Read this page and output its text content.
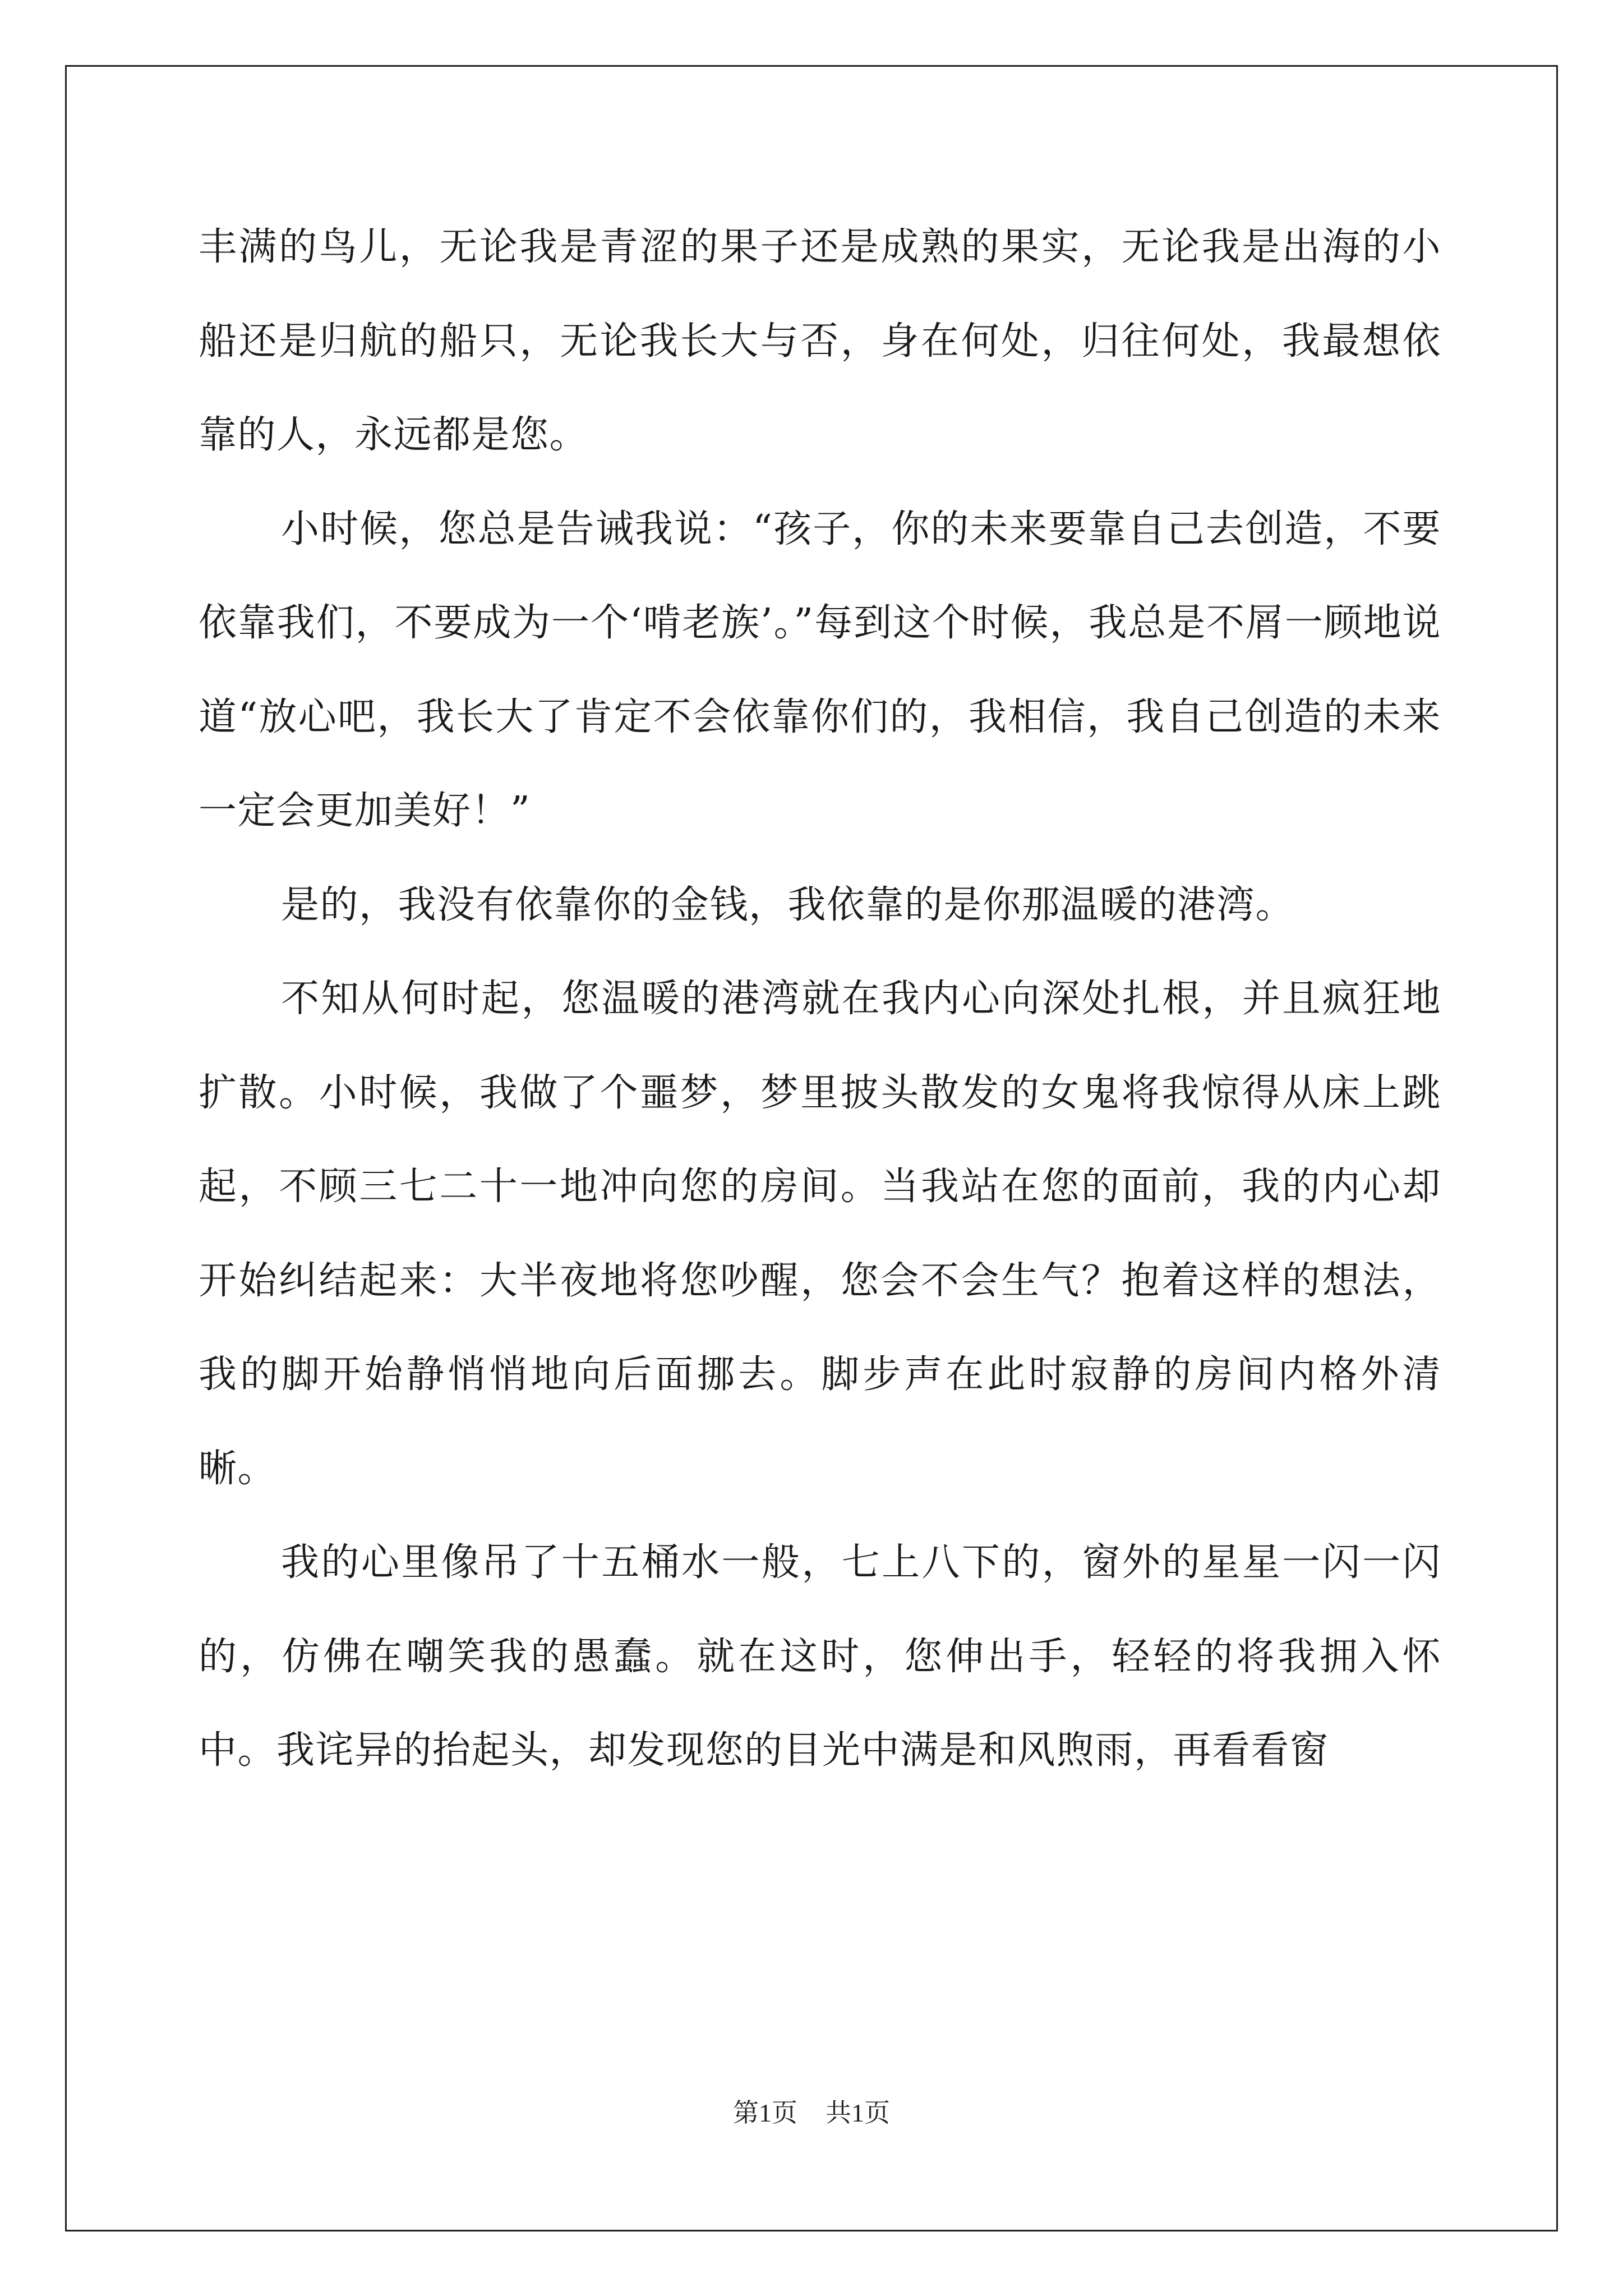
丰满的鸟儿，无论我是青涩的果子还是成熟的果实，无论我是出海的小船还是归航的船只，无论我长大与否，身在何处，归往何处，我最想依靠的人，永远都是您。

小时候，您总是告诫我说：“孩子，你的未来要靠自己去创造，不要依靠我们，不要成为一个‘啃老族’。”每到这个时候，我总是不屑一顾地说道“放心吧，我长大了肯定不会依靠你们的，我相信，我自己创造的未来一定会更加美好！”

是的，我没有依靠你的金钱，我依靠的是你那温暖的港湾。

不知从何时起，您温暖的港湾就在我内心向深处扎根，并且疯狂地扩散。小时候，我做了个噩梦，梦里披头散发的女鬼将我惊得从床上跳起，不顾三七二十一地冲向您的房间。当我站在您的面前，我的内心却开始纠结起来：大半夜地将您吵醒，您会不会生气？抱着这样的想法，我的脚开始静悄悄地向后面挪去。脚步声在此时寂静的房间内格外清晰。

我的心里像吊了十五桶水一般，七上八下的，窗外的星星一闪一闪的，仿佛在嘲笑我的愚蠢。就在这时，您伸出手，轻轻的将我拥入怀中。我诧异的抬起头，却发现您的目光中满是和风煦雨，再看看窗

第1页 共1页
